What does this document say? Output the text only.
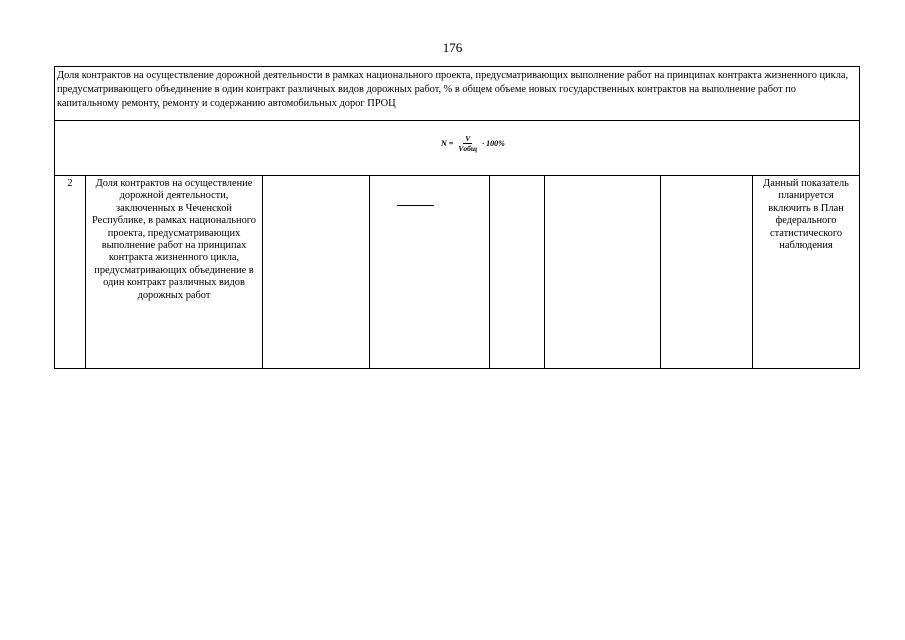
176
Доля контрактов на осуществление дорожной деятельности в рамках национального проекта, предусматривающих выполнение работ на принципах контракта жизненного цикла, предусматривающего объединение в один контракт различных видов дорожных работ, % в общем объеме новых государственных контрактов на выполнение работ по капитальному ремонту, ремонту и содержанию автомобильных дорог ПРОЦ
$N = \frac{V}{\text{Vобщ}} \cdot 100\%$
2	Доля контрактов на осуществление дорожной деятельности, заключенных в Чеченской Республике, в рамках национального проекта, предусматривающих выполнение работ на принципах контракта жизненного цикла, предусматривающих объединение в один контракт различных видов дорожных работ
Данный показатель планируется включить в План федерального статистического наблюдения
